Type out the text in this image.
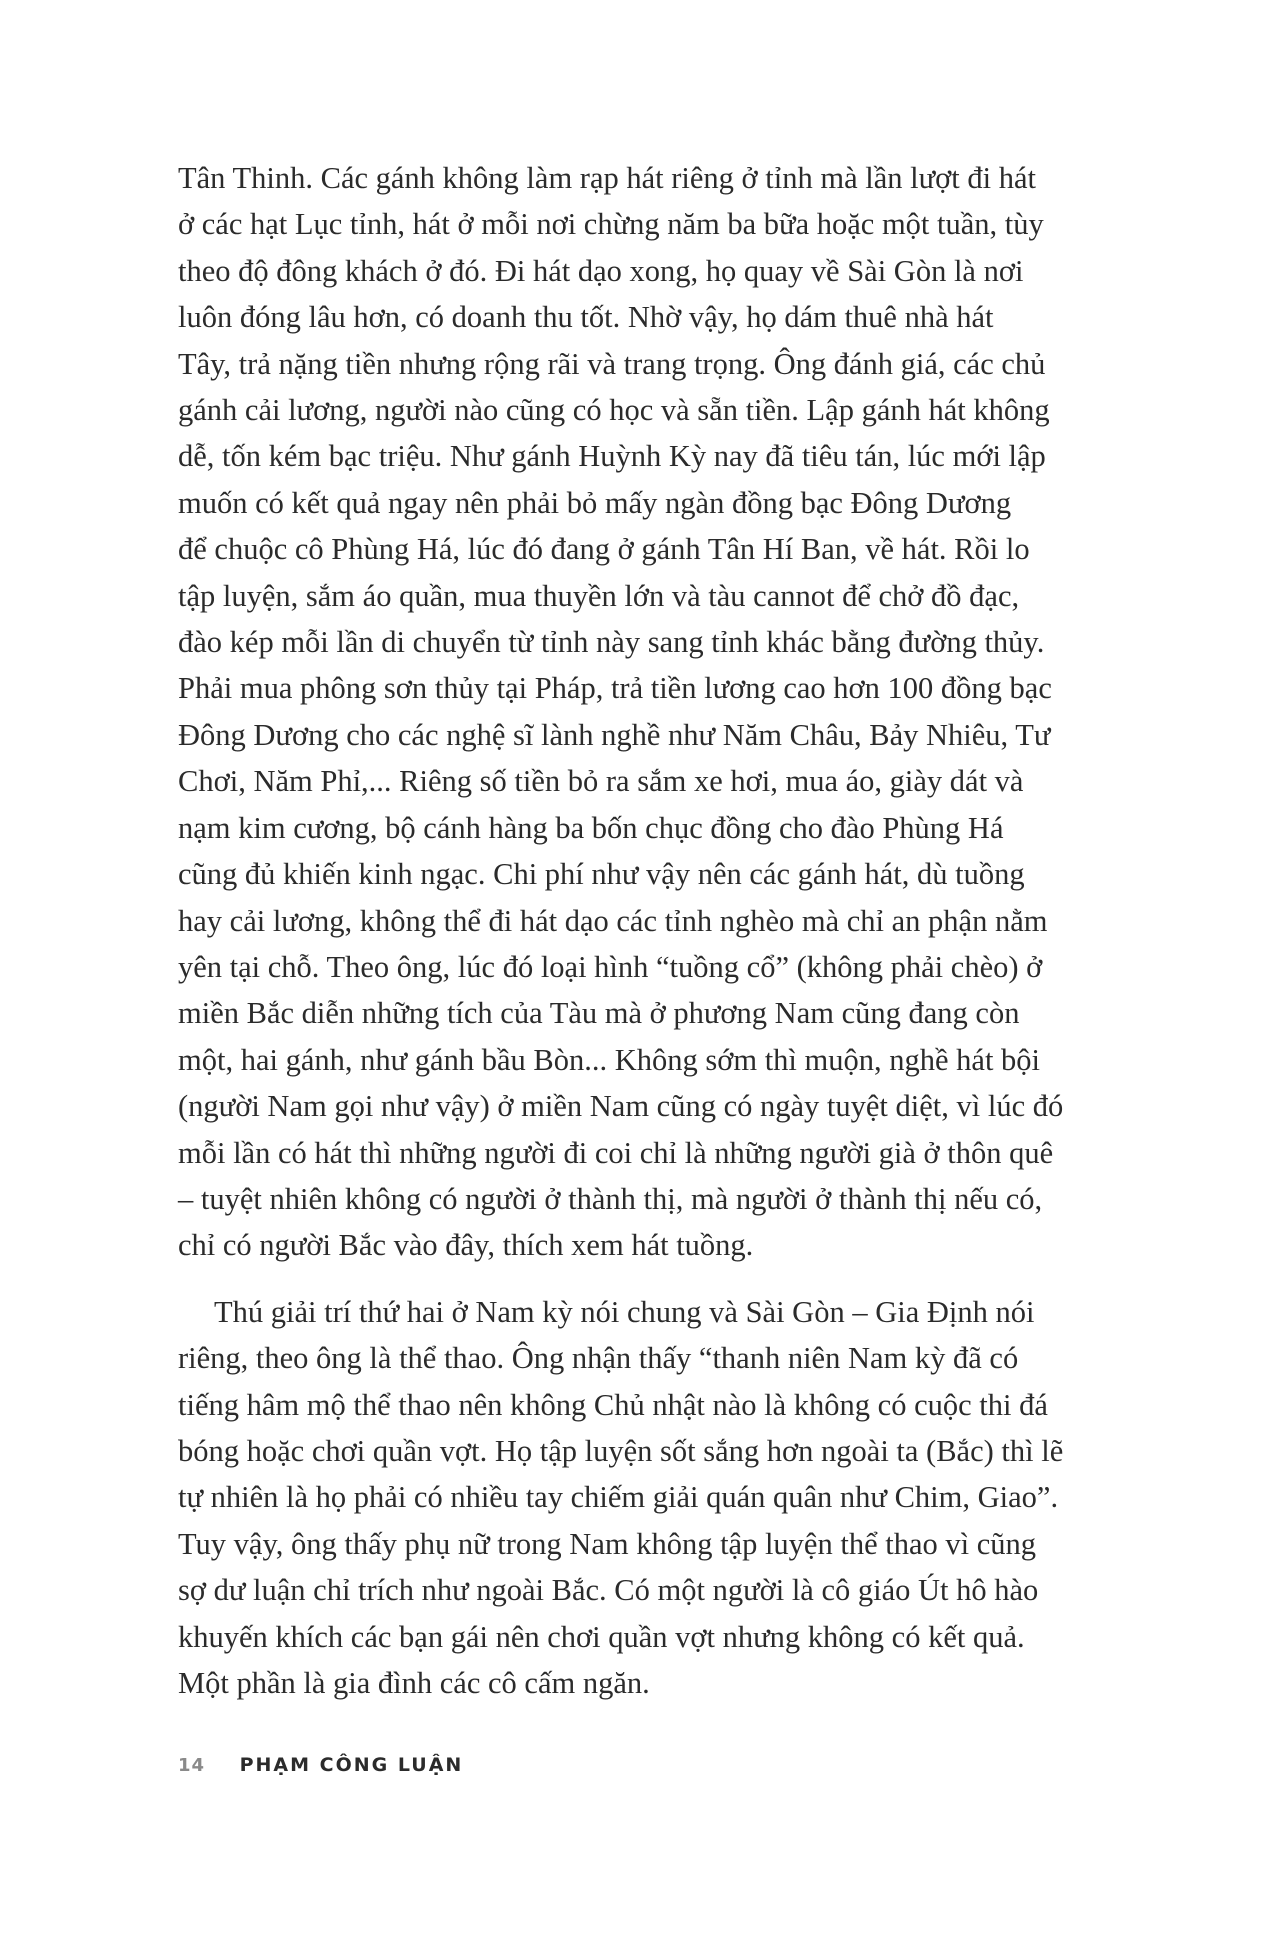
Tân Thinh. Các gánh không làm rạp hát riêng ở tỉnh mà lần lượt đi hát
ở các hạt Lục tỉnh, hát ở mỗi nơi chừng năm ba bữa hoặc một tuần, tùy
theo độ đông khách ở đó. Đi hát dạo xong, họ quay về Sài Gòn là nơi
luôn đóng lâu hơn, có doanh thu tốt. Nhờ vậy, họ dám thuê nhà hát
Tây, trả nặng tiền nhưng rộng rãi và trang trọng. Ông đánh giá, các chủ
gánh cải lương, người nào cũng có học và sẵn tiền. Lập gánh hát không
dễ, tốn kém bạc triệu. Như gánh Huỳnh Kỳ nay đã tiêu tán, lúc mới lập
muốn có kết quả ngay nên phải bỏ mấy ngàn đồng bạc Đông Dương
để chuộc cô Phùng Há, lúc đó đang ở gánh Tân Hí Ban, về hát. Rồi lo
tập luyện, sắm áo quần, mua thuyền lớn và tàu cannot để chở đồ đạc,
đào kép mỗi lần di chuyển từ tỉnh này sang tỉnh khác bằng đường thủy.
Phải mua phông sơn thủy tại Pháp, trả tiền lương cao hơn 100 đồng bạc
Đông Dương cho các nghệ sĩ lành nghề như Năm Châu, Bảy Nhiêu, Tư
Chơi, Năm Phỉ,... Riêng số tiền bỏ ra sắm xe hơi, mua áo, giày dát và
nạm kim cương, bộ cánh hàng ba bốn chục đồng cho đào Phùng Há
cũng đủ khiến kinh ngạc. Chi phí như vậy nên các gánh hát, dù tuồng
hay cải lương, không thể đi hát dạo các tỉnh nghèo mà chỉ an phận nằm
yên tại chỗ. Theo ông, lúc đó loại hình “tuồng cổ” (không phải chèo) ở
miền Bắc diễn những tích của Tàu mà ở phương Nam cũng đang còn
một, hai gánh, như gánh bầu Bòn... Không sớm thì muộn, nghề hát bội
(người Nam gọi như vậy) ở miền Nam cũng có ngày tuyệt diệt, vì lúc đó
mỗi lần có hát thì những người đi coi chỉ là những người già ở thôn quê
– tuyệt nhiên không có người ở thành thị, mà người ở thành thị nếu có,
chỉ có người Bắc vào đây, thích xem hát tuồng.
Thú giải trí thứ hai ở Nam kỳ nói chung và Sài Gòn – Gia Định nói
riêng, theo ông là thể thao. Ông nhận thấy “thanh niên Nam kỳ đã có
tiếng hâm mộ thể thao nên không Chủ nhật nào là không có cuộc thi đá
bóng hoặc chơi quần vợt. Họ tập luyện sốt sắng hơn ngoài ta (Bắc) thì lẽ
tự nhiên là họ phải có nhiều tay chiếm giải quán quân như Chim, Giao”.
Tuy vậy, ông thấy phụ nữ trong Nam không tập luyện thể thao vì cũng
sợ dư luận chỉ trích như ngoài Bắc. Có một người là cô giáo Út hô hào
khuyến khích các bạn gái nên chơi quần vợt nhưng không có kết quả.
Một phần là gia đình các cô cấm ngăn.
14 PHẠM CÔNG LUẬN
